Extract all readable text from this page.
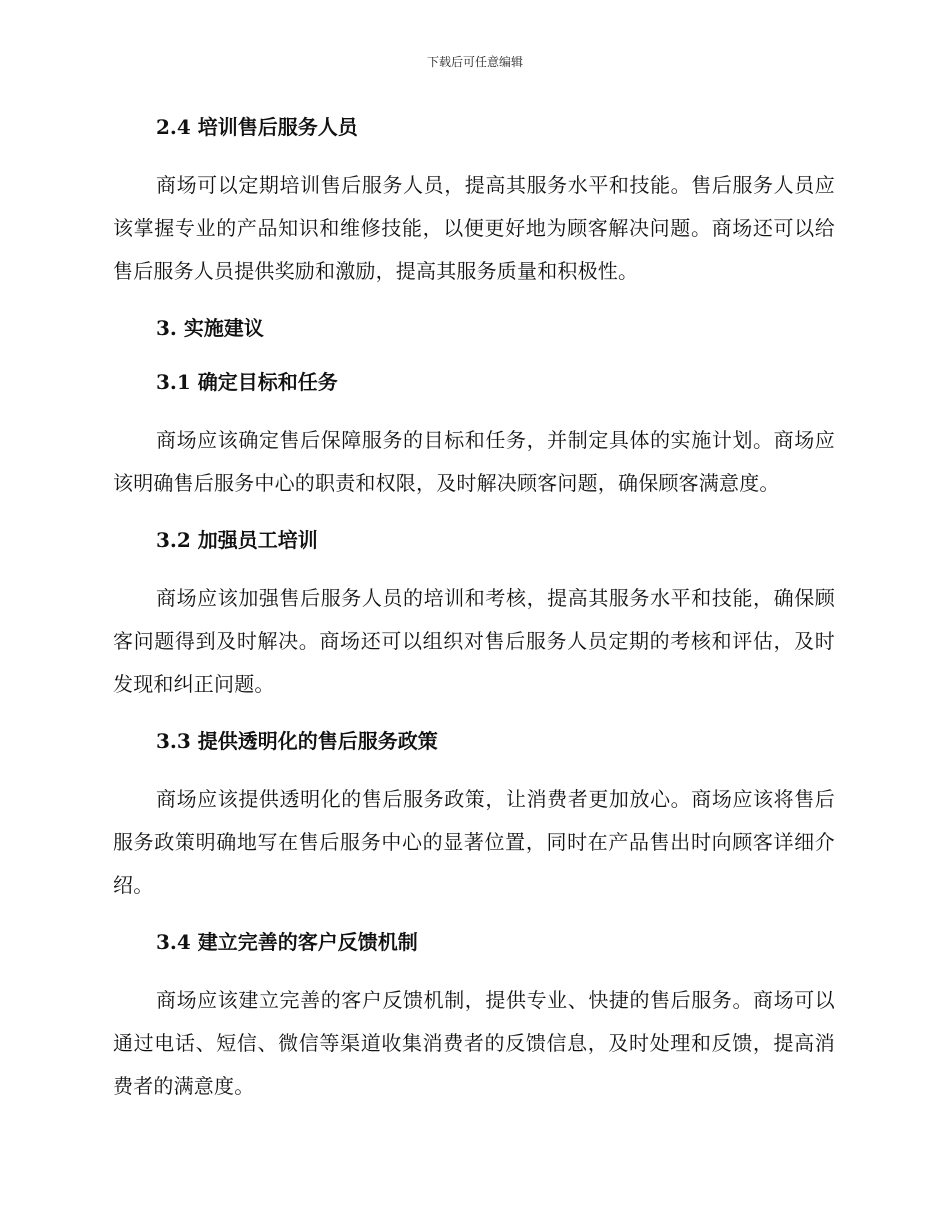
下载后可任意编辑
2.4 培训售后服务人员

商场可以定期培训售后服务人员，提高其服务水平和技能。售后服务人员应该掌握专业的产品知识和维修技能，以便更好地为顾客解决问题。商场还可以给售后服务人员提供奖励和激励，提高其服务质量和积极性。

3. 实施建议
3.1 确定目标和任务

商场应该确定售后保障服务的目标和任务，并制定具体的实施计划。商场应该明确售后服务中心的职责和权限，及时解决顾客问题，确保顾客满意度。

3.2 加强员工培训

商场应该加强售后服务人员的培训和考核，提高其服务水平和技能，确保顾客问题得到及时解决。商场还可以组织对售后服务人员定期的考核和评估，及时发现和纠正问题。

3.3 提供透明化的售后服务政策

商场应该提供透明化的售后服务政策，让消费者更加放心。商场应该将售后服务政策明确地写在售后服务中心的显著位置，同时在产品售出时向顾客详细介绍。

3.4 建立完善的客户反馈机制

商场应该建立完善的客户反馈机制，提供专业、快捷的售后服务。商场可以通过电话、短信、微信等渠道收集消费者的反馈信息，及时处理和反馈，提高消费者的满意度。
